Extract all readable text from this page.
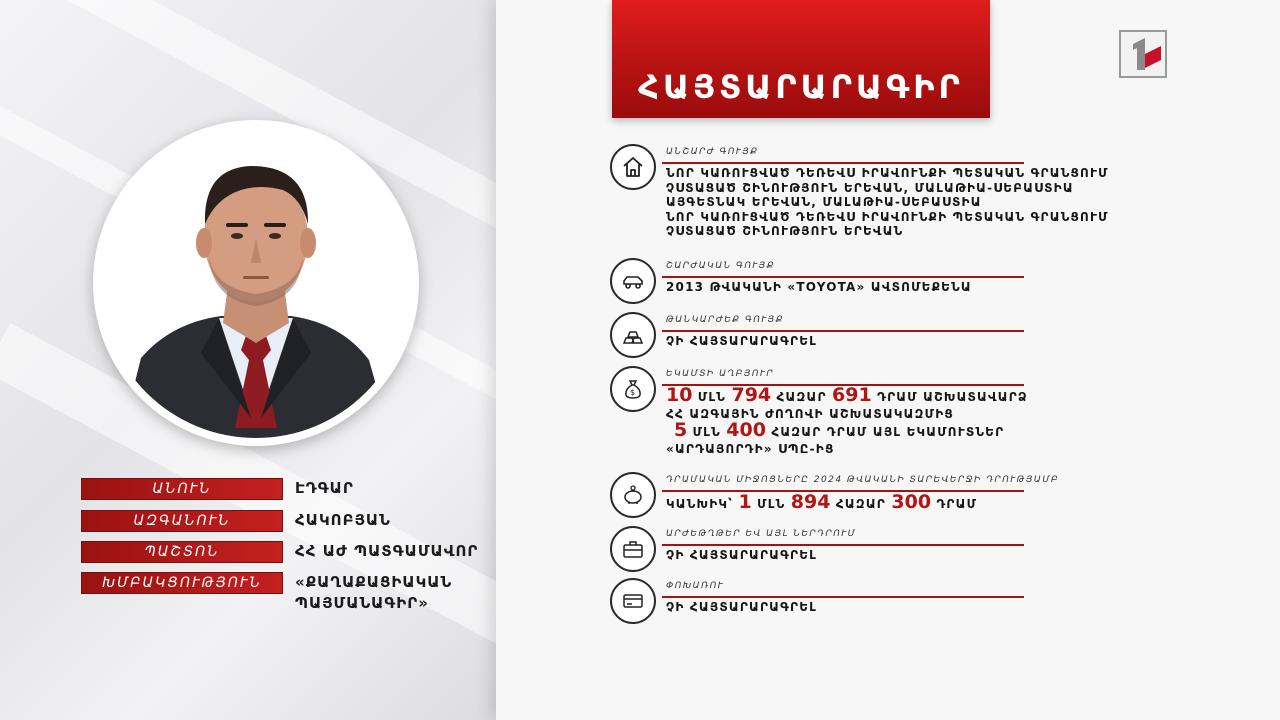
ԱՆՈՒՆ	ԷԴԳԱՐ
ԱԶԳԱՆՈՒՆ	ՀԱԿՈԲՅԱՆ
ՊԱՇՏՈՆ	ՀՀ ԱԺ ՊԱՏԳԱՄԱՎՈՐ
ԽՄԲԱԿՑՈՒԹՅՈՒՆ	«ՔԱՂԱՔԱՑԻԱԿԱՆ
ՊԱՅՄԱՆԱԳԻՐ»
ՀԱՅՏԱՐԱՐԱԳԻՐ
ԱՆՇԱՐԺ ԳՈՒՅՔ
ՆՈՐ ԿԱՌՈՒՑՎԱԾ ԴԵՌԵՎՍ ԻՐԱՎՈՒՆՔԻ ՊԵՏԱԿԱՆ ԳՐԱՆՑՈՒՄ
ՉՍՏԱՑԱԾ ՇԻՆՈՒԹՅՈՒՆ ԵՐԵՎԱՆ, ՄԱԼԱԹԻԱ-ՍԵԲԱՍՏԻԱ
ԱՅԳԵՏՆԱԿ ԵՐԵՎԱՆ, ՄԱԼԱԹԻԱ-ՍԵԲԱՍՏԻԱ
ՆՈՐ ԿԱՌՈՒՑՎԱԾ ԴԵՌԵՎՍ ԻՐԱՎՈՒՆՔԻ ՊԵՏԱԿԱՆ ԳՐԱՆՑՈՒՄ
ՉՍՏԱՑԱԾ ՇԻՆՈՒԹՅՈՒՆ ԵՐԵՎԱՆ
ՇԱՐԺԱԿԱՆ ԳՈՒՅՔ
2013 ԹՎԱԿԱՆԻ «TOYOTA» ԱՎՏՈՄԵՔԵՆԱ
ԹԱՆԿԱՐԺԵՔ ԳՈՒՅՔ
ՉԻ ՀԱՅՏԱՐԱՐԱԳՐԵԼ
$
ԵԿԱՄՏԻ ԱՂԲՅՈՒՐ
10 ՄԼՆ 794 ՀԱԶԱՐ 691 ԴՐԱՄ ԱՇԽԱՏԱՎԱՐՁ
ՀՀ ԱԶԳԱՅԻՆ ԺՈՂՈՎԻ ԱՇԽԱՏԱԿԱԶՄԻՑ
5 ՄԼՆ 400 ՀԱԶԱՐ ԴՐԱՄ ԱՅԼ ԵԿԱՄՈՒՏՆԵՐ
«ԱՐԴԱՅՈՐԴԻ» ՍՊԸ-ԻՑ
ԴՐԱՄԱԿԱՆ ՄԻՋՈՑՆԵՐԸ 2024 ԹՎԱԿԱՆԻ ՏԱՐԵՎԵՐՋԻ ԴՐՈՒԹՅԱՄԲ
ԿԱՆԽԻԿ՝ 1 ՄԼՆ 894 ՀԱԶԱՐ 300 ԴՐԱՄ
ԱՐԺԵԹՂԹԵՐ ԵՎ ԱՅԼ ՆԵՐԴՐՈՒՄ
ՉԻ ՀԱՅՏԱՐԱՐԱԳՐԵԼ
ՓՈԽԱՌՈՒ
ՉԻ ՀԱՅՏԱՐԱՐԱԳՐԵԼ
